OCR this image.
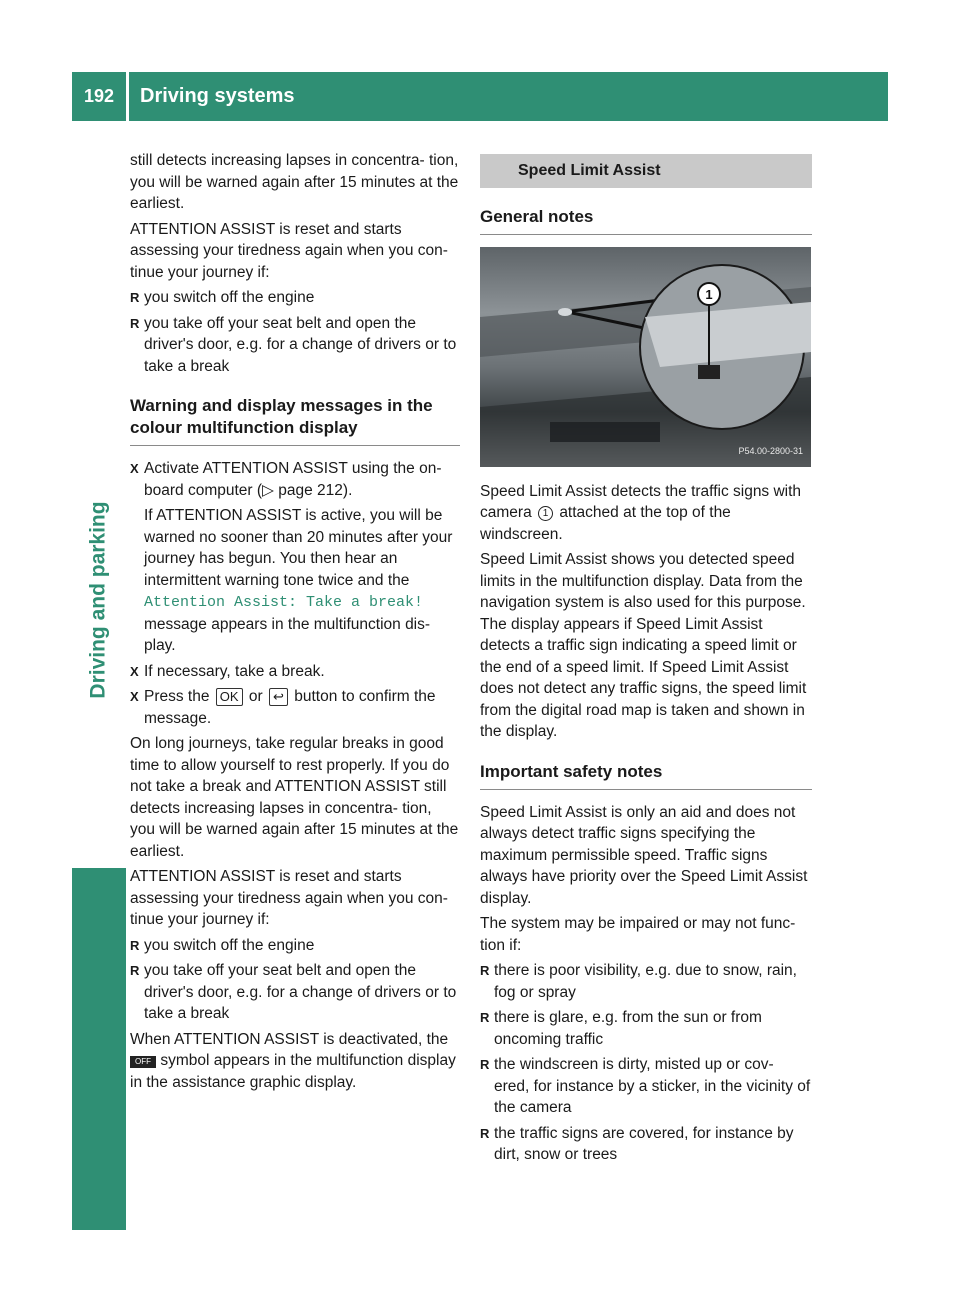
192	Driving systems
Driving and parking

still detects increasing lapses in concentra- tion, you will be warned again after 15 minutes at the earliest.

ATTENTION ASSIST is reset and starts assessing your tiredness again when you con- tinue your journey if:

R you switch off the engine
R you take off your seat belt and open the driver's door, e.g. for a change of drivers or to take a break
Warning and display messages in the colour multifunction display
X Activate ATTENTION ASSIST using the on- board computer (▷ page 212).

If ATTENTION ASSIST is active, you will be warned no sooner than 20 minutes after your journey has begun. You then hear an intermittent warning tone twice and the
Attention Assist: Take a break!
message appears in the multifunction dis- play.

X If necessary, take a break.
X Press the OK or ↩ button to confirm the message.

On long journeys, take regular breaks in good time to allow yourself to rest properly. If you do not take a break and ATTENTION ASSIST still detects increasing lapses in concentra- tion, you will be warned again after 15 minutes at the earliest.

ATTENTION ASSIST is reset and starts assessing your tiredness again when you con- tinue your journey if:

R you switch off the engine
R you take off your seat belt and open the driver's door, e.g. for a change of drivers or to take a break

When ATTENTION ASSIST is deactivated, the OFF symbol appears in the multifunction display in the assistance graphic display.

Speed Limit Assist
General notes
1
P54.00-2800-31

Speed Limit Assist detects the traffic signs with camera 1 attached at the top of the windscreen.

Speed Limit Assist shows you detected speed limits in the multifunction display. Data from the navigation system is also used for this purpose. The display appears if Speed Limit Assist detects a traffic sign indicating a speed limit or the end of a speed limit. If Speed Limit Assist does not detect any traffic signs, the speed limit from the digital road map is taken and shown in the display.

Important safety notes

Speed Limit Assist is only an aid and does not always detect traffic signs specifying the maximum permissible speed. Traffic signs always have priority over the Speed Limit Assist display.

The system may be impaired or may not func- tion if:

R there is poor visibility, e.g. due to snow, rain, fog or spray
R there is glare, e.g. from the sun or from oncoming traffic
R the windscreen is dirty, misted up or cov- ered, for instance by a sticker, in the vicinity of the camera
R the traffic signs are covered, for instance by dirt, snow or trees
